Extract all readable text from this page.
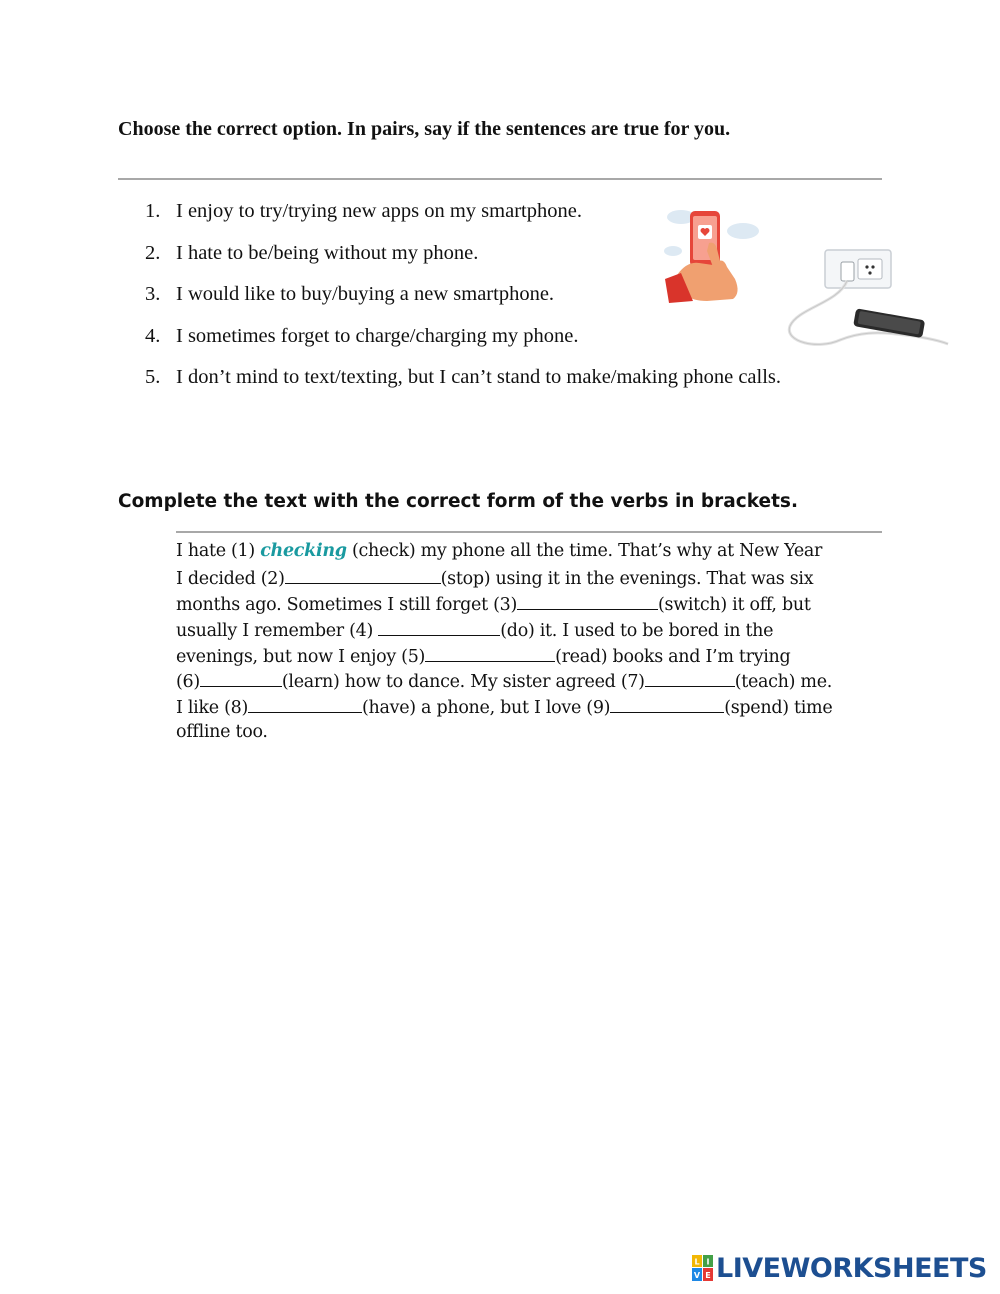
Choose the correct option. In pairs, say if the sentences are true for you.
1. I enjoy to try/trying new apps on my smartphone.
2. I hate to be/being without my phone.
3. I would like to buy/buying a new smartphone.
4. I sometimes forget to charge/charging my phone.
5. I don’t mind to text/texting, but I can’t stand to make/making phone calls.
Complete the text with the correct form of the verbs in brackets.
I hate (1) checking (check) my phone all the time. That’s why at New Year
I decided (2)	(stop) using it in the evenings. That was six
months ago. Sometimes I still forget (3)	(switch) it off, but
usually I remember (4)	(do) it. I used to be bored in the
evenings, but now I enjoy (5)	(read) books and I’m trying
(6)	(learn) how to dance. My sister agreed (7)	(teach) me.
I like (8)	(have) a phone, but I love (9)	(spend) time
offline too.
L I
V E LIVEWORKSHEETS
